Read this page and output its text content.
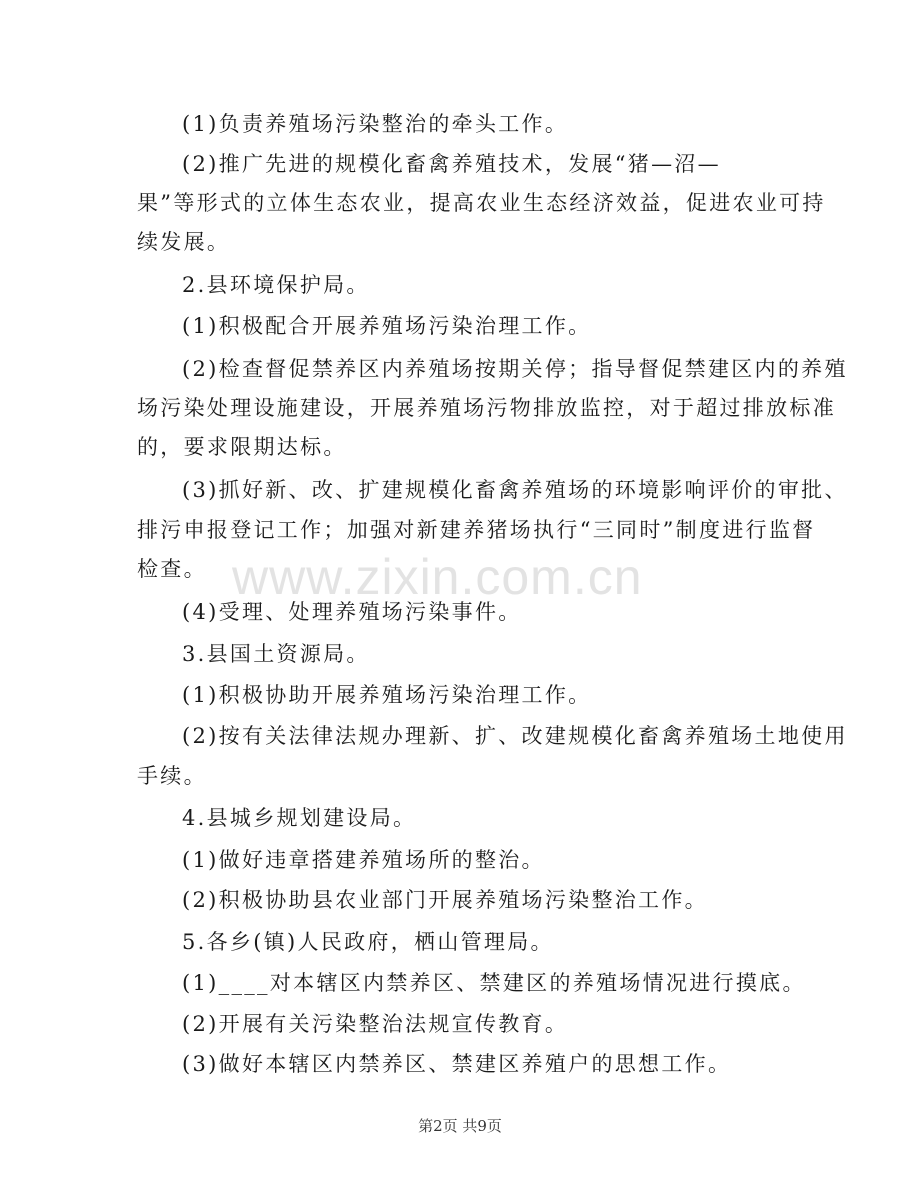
www.zixin.com.cn
(1)负责养殖场污染整治的牵头工作。
(2)推广先进的规模化畜禽养殖技术，发展“猪—沼—
果”等形式的立体生态农业，提高农业生态经济效益，促进农业可持
续发展。
2.县环境保护局。
(1)积极配合开展养殖场污染治理工作。
(2)检查督促禁养区内养殖场按期关停；指导督促禁建区内的养殖
场污染处理设施建设，开展养殖场污物排放监控，对于超过排放标准
的，要求限期达标。
(3)抓好新、改、扩建规模化畜禽养殖场的环境影响评价的审批、
排污申报登记工作；加强对新建养猪场执行“三同时”制度进行监督
检查。
(4)受理、处理养殖场污染事件。
3.县国土资源局。
(1)积极协助开展养殖场污染治理工作。
(2)按有关法律法规办理新、扩、改建规模化畜禽养殖场土地使用
手续。
4.县城乡规划建设局。
(1)做好违章搭建养殖场所的整治。
(2)积极协助县农业部门开展养殖场污染整治工作。
5.各乡(镇)人民政府，栖山管理局。
(1)____对本辖区内禁养区、禁建区的养殖场情况进行摸底。
(2)开展有关污染整治法规宣传教育。
(3)做好本辖区内禁养区、禁建区养殖户的思想工作。
第2页 共9页
